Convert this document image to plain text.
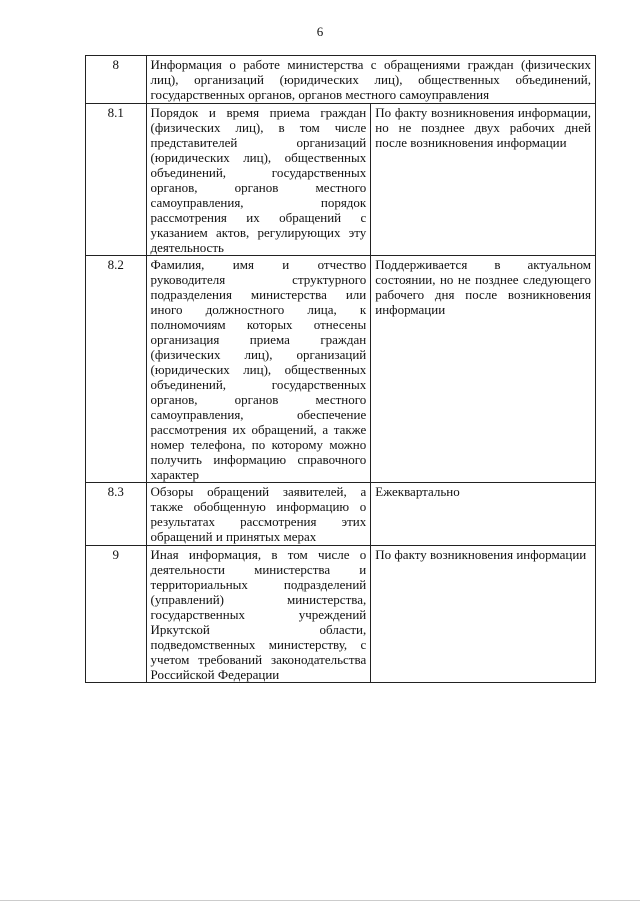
6
8	Информация о работе министерства с обращениями граждан (физических лиц), организаций (юридических лиц), общественных объединений, государственных органов, органов местного самоуправления	
8.1	Порядок и время приема граждан (физических лиц), в том числе представителей организаций (юридических лиц), общественных объединений, государственных органов, органов местного самоуправления, порядок рассмотрения их обращений с указанием актов, регулирующих эту деятельность	По факту возникновения информации, но не позднее двух рабочих дней после возникновения информации
8.2	Фамилия, имя и отчество руководителя структурного подразделения министерства или иного должностного лица, к полномочиям которых отнесены организация приема граждан (физических лиц), организаций (юридических лиц), общественных объединений, государственных органов, органов местного самоуправления, обеспечение рассмотрения их обращений, а также номер телефона, по которому можно получить информацию справочного характер	Поддерживается в актуальном состоянии, но не позднее следующего рабочего дня после возникновения информации
8.3	Обзоры обращений заявителей, а также обобщенную информацию о результатах рассмотрения этих обращений и принятых мерах	Ежеквартально
9	Иная информация, в том числе о деятельности министерства и территориальных подразделений (управлений) министерства, государственных учреждений Иркутской области, подведомственных министерству, с учетом требований законодательства Российской Федерации	По факту возникновения информации
